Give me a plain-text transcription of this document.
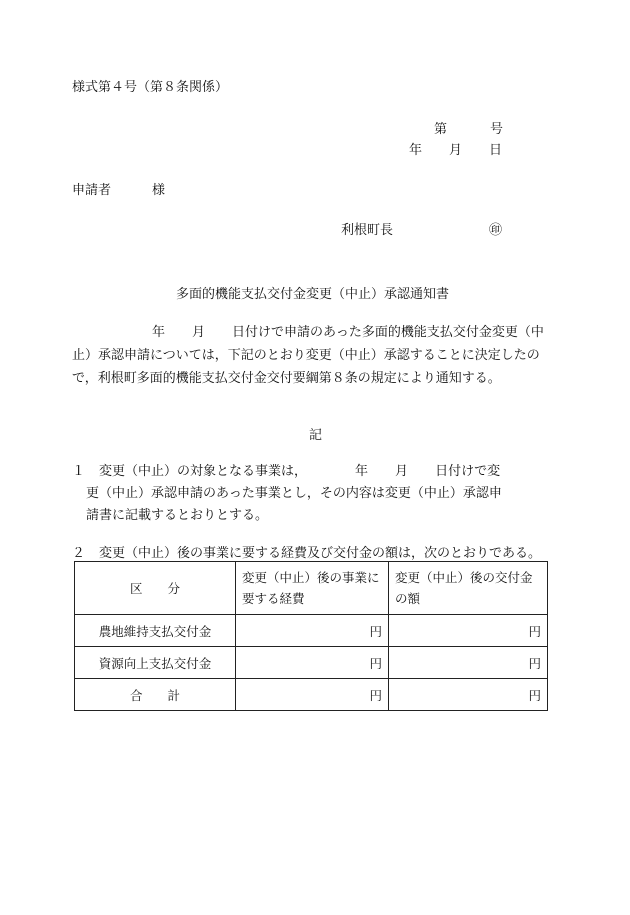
様式第４号（第８条関係）
第	号
年 月 日
申請者	様
利根町長	㊞
多面的機能支払交付金変更（中止）承認通知書
年 月 日付けで申請のあった多面的機能支払交付金変更（中
止）承認申請については，下記のとおり変更（中止）承認することに決定したの
で，利根町多面的機能支払交付金交付要綱第８条の規定により通知する。
記
１ 変更（中止）の対象となる事業は，	年 月 日付けで変
更（中止）承認申請のあった事業とし，その内容は変更（中止）承認申
請書に記載するとおりとする。
２ 変更（中止）後の事業に要する経費及び交付金の額は，次のとおりである。
区　　分	変更（中止）後の事業に要する経費	変更（中止）後の交付金の額
農地維持支払交付金	円	円
資源向上支払交付金	円	円
合　　計	円	円
